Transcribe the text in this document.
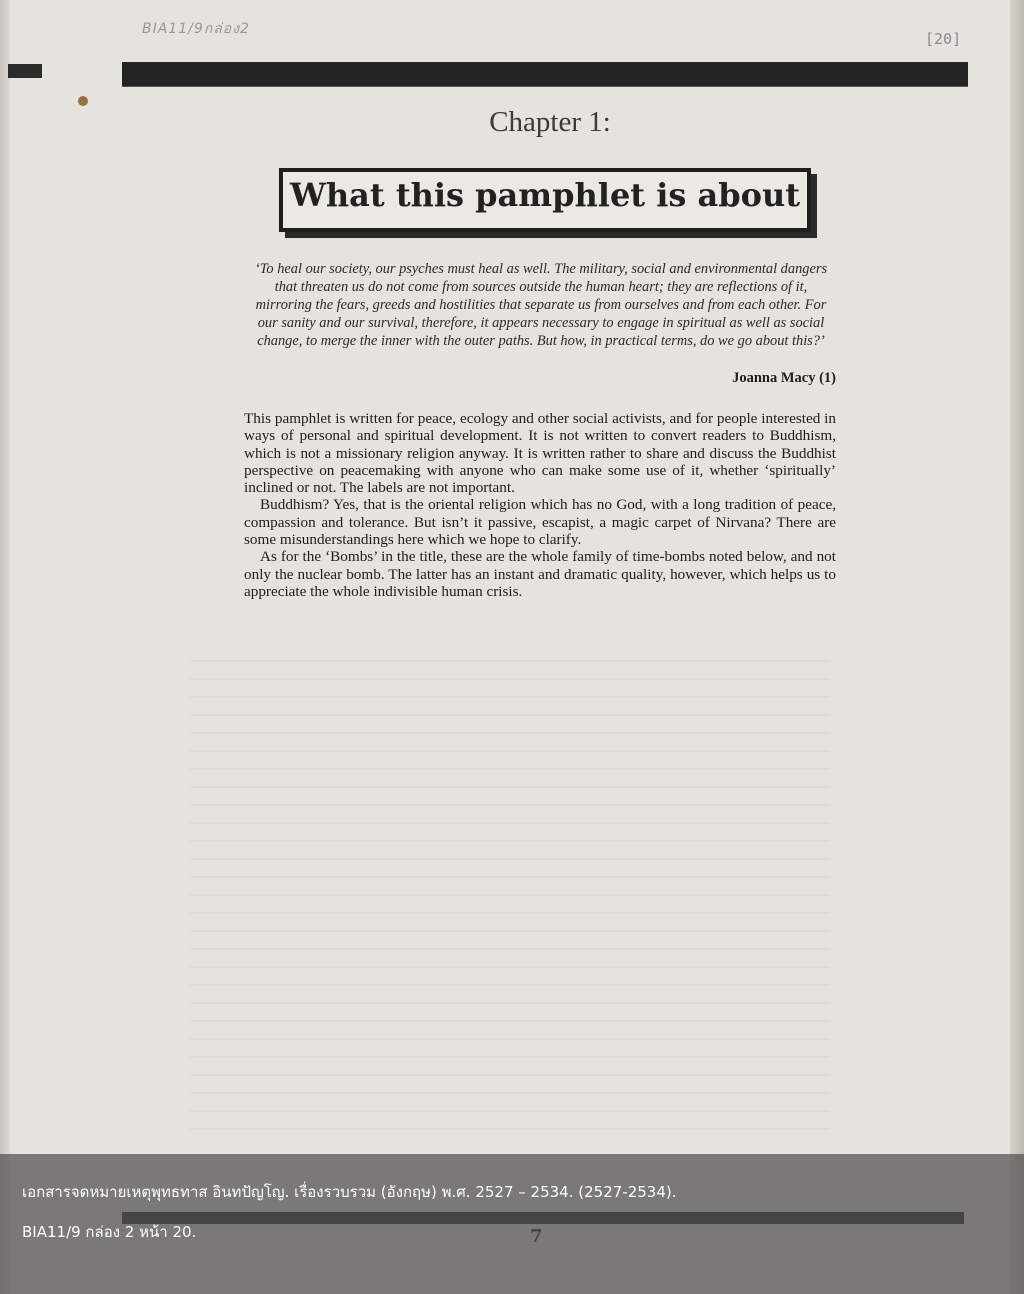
BIA11/9กล่อง2
[20]
Chapter 1:
What this pamphlet is about
‘To heal our society, our psyches must heal as well. The military, social and environmental dangers that threaten us do not come from sources outside the human heart; they are reflections of it, mirroring the fears, greeds and hostilities that separate us from ourselves and from each other. For our sanity and our survival, therefore, it appears necessary to engage in spiritual as well as social change, to merge the inner with the outer paths. But how, in practical terms, do we go about this?’
Joanna Macy (1)

This pamphlet is written for peace, ecology and other social activists, and for people interested in ways of personal and spiritual development. It is not written to convert readers to Buddhism, which is not a missionary religion anyway. It is written rather to share and discuss the Buddhist perspective on peacemaking with anyone who can make some use of it, whether ‘spiritually’ inclined or not. The labels are not important.

Buddhism? Yes, that is the oriental religion which has no God, with a long tradition of peace, compassion and tolerance. But isn’t it passive, escapist, a magic carpet of Nirvana? There are some misunderstandings here which we hope to clarify.

As for the ‘Bombs’ in the title, these are the whole family of time-bombs noted below, and not only the nuclear bomb. The latter has an instant and dramatic quality, however, which helps us to appreciate the whole indivisible human crisis.

เอกสารจดหมายเหตุพุทธทาส อินทปัญโญ. เรื่องรวบรวม (อังกฤษ) พ.ศ. 2527 – 2534. (2527-2534).
BIA11/9 กล่อง 2 หน้า 20.
